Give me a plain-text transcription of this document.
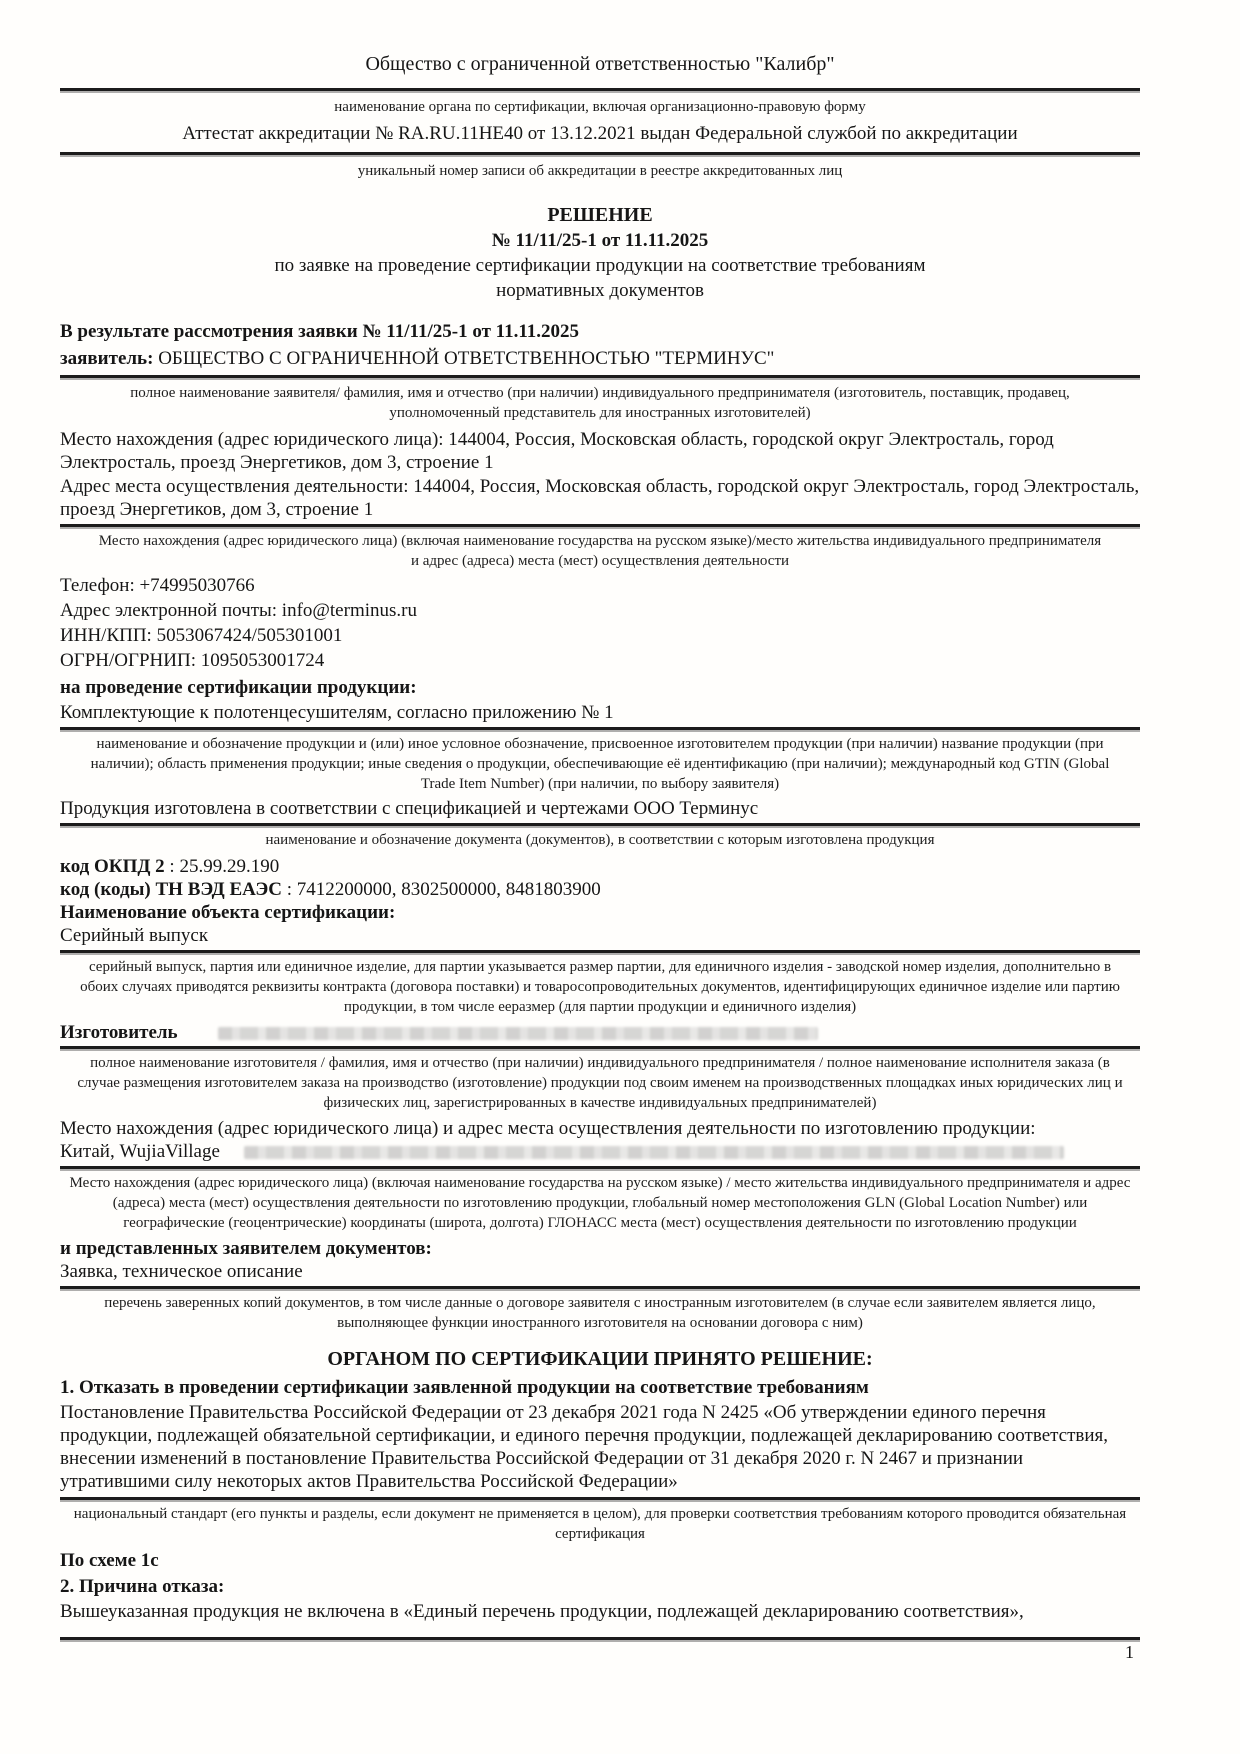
Общество с ограниченной ответственностью "Калибр"

наименование органа по сертификации, включая организационно-правовую форму

Аттестат аккредитации № RA.RU.11HE40 от 13.12.2021 выдан Федеральной службой по аккредитации

уникальный номер записи об аккредитации в реестре аккредитованных лиц

РЕШЕНИЕ

№ 11/11/25-1 от 11.11.2025

по заявке на проведение сертификации продукции на соответствие требованиям

нормативных документов

В результате рассмотрения заявки № 11/11/25-1 от 11.11.2025

заявитель: ОБЩЕСТВО С ОГРАНИЧЕННОЙ ОТВЕТСТВЕННОСТЬЮ "ТЕРМИНУС"

полное наименование заявителя/ фамилия, имя и отчество (при наличии) индивидуального предпринимателя (изготовитель, поставщик, продавец, уполномоченный представитель для иностранных изготовителей)

Место нахождения (адрес юридического лица): 144004, Россия, Московская область, городской округ Электросталь, город Электросталь, проезд Энергетиков, дом 3, строение 1

Адрес места осуществления деятельности: 144004, Россия, Московская область, городской округ Электросталь, город Электросталь, проезд Энергетиков, дом 3, строение 1

Место нахождения (адрес юридического лица) (включая наименование государства на русском языке)/место жительства индивидуального предпринимателя и адрес (адреса) места (мест) осуществления деятельности

Телефон: +74995030766

Адрес электронной почты: info@terminus.ru

ИНН/КПП: 5053067424/505301001

ОГРН/ОГРНИП: 1095053001724

на проведение сертификации продукции:

Комплектующие к полотенцесушителям, согласно приложению № 1

наименование и обозначение продукции и (или) иное условное обозначение, присвоенное изготовителем продукции (при наличии) название продукции (при наличии); область применения продукции; иные сведения о продукции, обеспечивающие её идентификацию (при наличии); международный код GTIN (Global Trade Item Number) (при наличии, по выбору заявителя)

Продукция изготовлена в соответствии с спецификацией и чертежами ООО Терминус

наименование и обозначение документа (документов), в соответствии с которым изготовлена продукция

код ОКПД 2 : 25.99.29.190

код (коды) ТН ВЭД ЕАЭС : 7412200000, 8302500000, 8481803900

Наименование объекта сертификации:

Серийный выпуск

серийный выпуск, партия или единичное изделие, для партии указывается размер партии, для единичного изделия - заводской номер изделия, дополнительно в обоих случаях приводятся реквизиты контракта (договора поставки) и товаросопроводительных документов, идентифицирующих единичное изделие или партию продукции, в том числе ееразмер (для партии продукции и единичного изделия)

Изготовитель

полное наименование изготовителя / фамилия, имя и отчество (при наличии) индивидуального предпринимателя / полное наименование исполнителя заказа (в случае размещения изготовителем заказа на производство (изготовление) продукции под своим именем на производственных площадках иных юридических лиц и физических лиц, зарегистрированных в качестве индивидуальных предпринимателей)

Место нахождения (адрес юридического лица) и адрес места осуществления деятельности по изготовлению продукции:

Китай, WujiaVillage

Место нахождения (адрес юридического лица) (включая наименование государства на русском языке) / место жительства индивидуального предпринимателя и адрес (адреса) места (мест) осуществления деятельности по изготовлению продукции, глобальный номер местоположения GLN (Global Location Number) или географические (геоцентрические) координаты (широта, долгота) ГЛОНАСС места (мест) осуществления деятельности по изготовлению продукции

и представленных заявителем документов:

Заявка, техническое описание

перечень заверенных копий документов, в том числе данные о договоре заявителя с иностранным изготовителем (в случае если заявителем является лицо, выполняющее функции иностранного изготовителя на основании договора с ним)

ОРГАНОМ ПО СЕРТИФИКАЦИИ ПРИНЯТО РЕШЕНИЕ:

1. Отказать в проведении сертификации заявленной продукции на соответствие требованиям

Постановление Правительства Российской Федерации от 23 декабря 2021 года N 2425 «Об утверждении единого перечня продукции, подлежащей обязательной сертификации, и единого перечня продукции, подлежащей декларированию соответствия, внесении изменений в постановление Правительства Российской Федерации от 31 декабря 2020 г. N 2467 и признании утратившими силу некоторых актов Правительства Российской Федерации»

национальный стандарт (его пункты и разделы, если документ не применяется в целом), для проверки соответствия требованиям которого проводится обязательная сертификация

По схеме 1с

2. Причина отказа:

Вышеуказанная продукция не включена в «Единый перечень продукции, подлежащей декларированию соответствия»,

1
